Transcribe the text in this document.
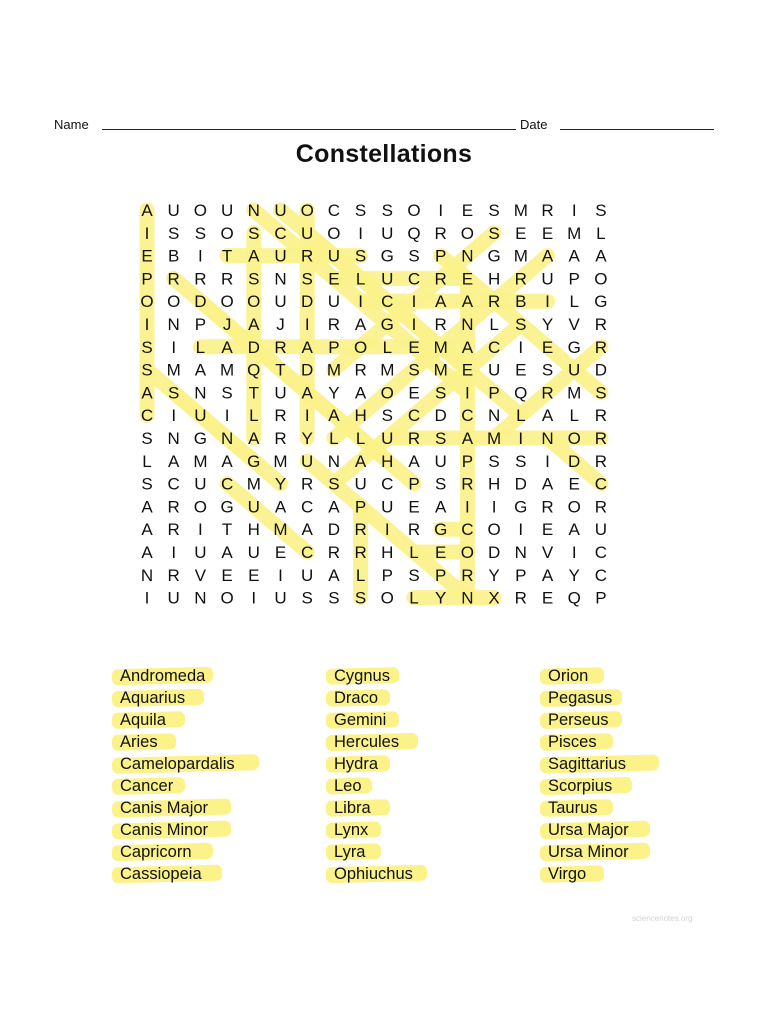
Name	Date
Constellations
A U O U N U O C S S O I E S M R I S
I S S O S C U O I U Q R O S E E M L
E B I T A U R U S G S P N G M A A A
P R R R S N S E L U C R E H R U P O
O O D O O U D U I C I A A R B I L G
I N P J A J I R A G I R N L S Y V R
S I L A D R A P O L E M A C I E G R
S M A M Q T D M R M S M E U E S U D
A S N S T U A Y A O E S I P Q R M S
C I U I L R I A H S C D C N L A L R
S N G N A R Y L L U R S A M I N O R
L A M A G M U N A H A U P S S I D R
S C U C M Y R S U C P S R H D A E C
A R O G U A C A P U E A I I G R O R
A R I T H M A D R I R G C O I E A U
A I U A U E C R R H L E O D N V I C
N R V E E I U A L P S P R Y P A Y C
I U N O I U S S S O L Y N X R E Q P
Andromeda
Aquarius
Aquila
Aries
Camelopardalis
Cancer
Canis Major
Canis Minor
Capricorn
Cassiopeia
Cygnus
Draco
Gemini
Hercules
Hydra
Leo
Libra
Lynx
Lyra
Ophiuchus
Orion
Pegasus
Perseus
Pisces
Sagittarius
Scorpius
Taurus
Ursa Major
Ursa Minor
Virgo
sciencenotes.org
